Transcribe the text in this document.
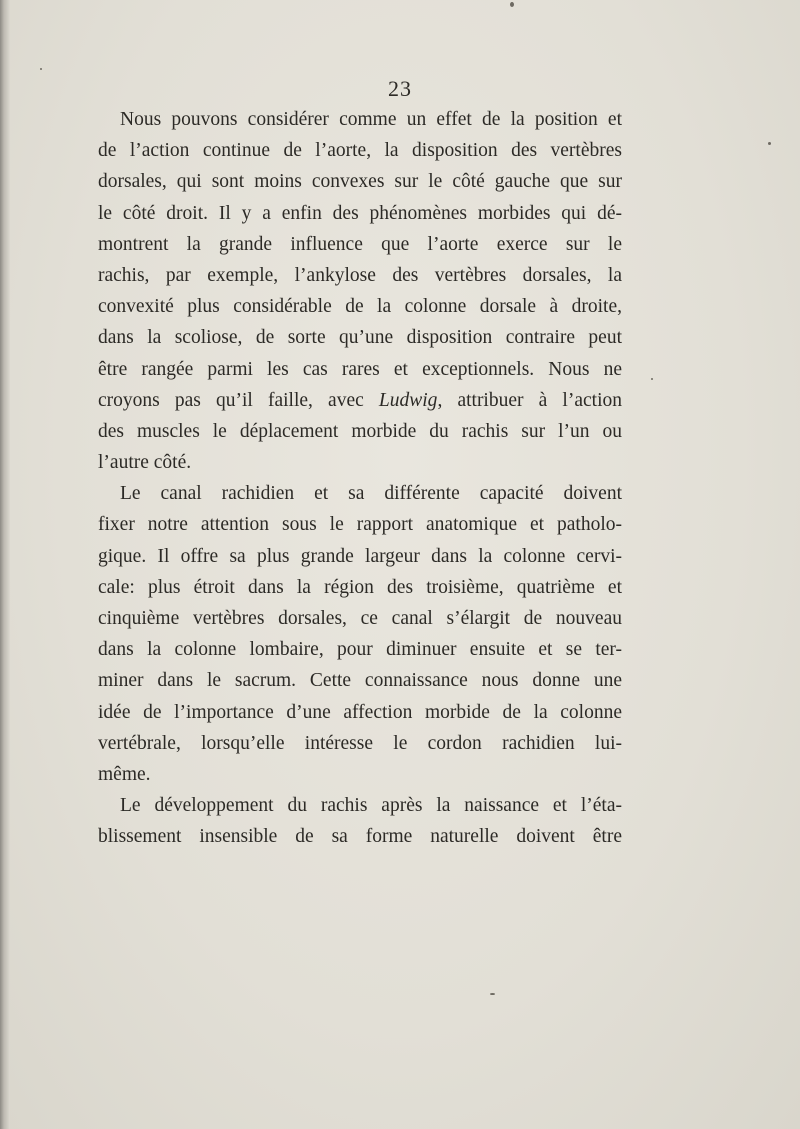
23
Nous pouvons considérer comme un effet de la position et
de l’action continue de l’aorte, la disposition des vertèbres
dorsales, qui sont moins convexes sur le côté gauche que sur
le côté droit. Il y a enfin des phénomènes morbides qui dé-
montrent la grande influence que l’aorte exerce sur le
rachis, par exemple, l’ankylose des vertèbres dorsales, la
convexité plus considérable de la colonne dorsale à droite,
dans la scoliose, de sorte qu’une disposition contraire peut
être rangée parmi les cas rares et exceptionnels. Nous ne
croyons pas qu’il faille, avec Ludwig, attribuer à l’action
des muscles le déplacement morbide du rachis sur l’un ou
l’autre côté.
Le canal rachidien et sa différente capacité doivent
fixer notre attention sous le rapport anatomique et patholo-
gique. Il offre sa plus grande largeur dans la colonne cervi-
cale: plus étroit dans la région des troisième, quatrième et
cinquième vertèbres dorsales, ce canal s’élargit de nouveau
dans la colonne lombaire, pour diminuer ensuite et se ter-
miner dans le sacrum. Cette connaissance nous donne une
idée de l’importance d’une affection morbide de la colonne
vertébrale, lorsqu’elle intéresse le cordon rachidien lui-
même.
Le développement du rachis après la naissance et l’éta-
blissement insensible de sa forme naturelle doivent être
